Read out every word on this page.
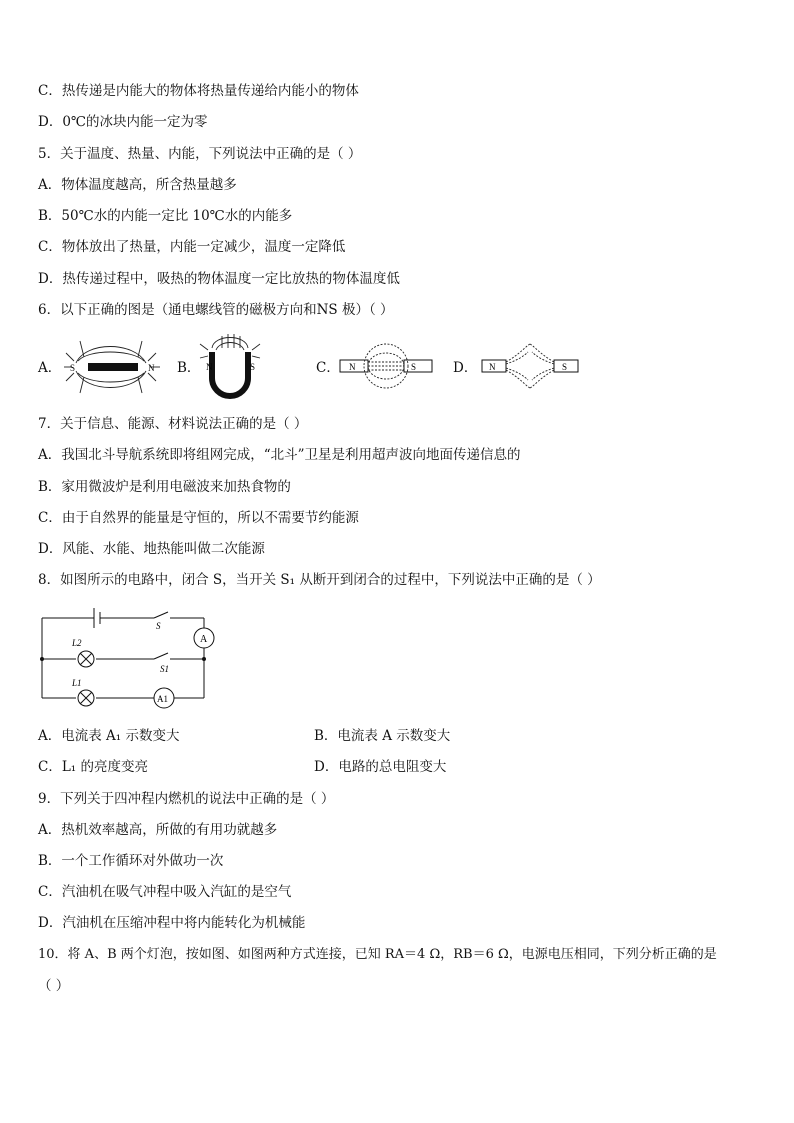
C．热传递是内能大的物体将热量传递给内能小的物体
D．0℃的冰块内能一定为零
5．关于温度、热量、内能，下列说法中正确的是（ ）
A．物体温度越高，所含热量越多
B．50℃水的内能一定比 10℃水的内能多
C．物体放出了热量，内能一定减少，温度一定降低
D．热传递过程中，吸热的物体温度一定比放热的物体温度低
6．以下正确的图是（通电螺线管的磁极方向和NS 极）（ ）
A．	B．	C．	D．
S	N	N	S	N	S	N	S
7．关于信息、能源、材料说法正确的是（ ）
A．我国北斗导航系统即将组网完成，“北斗”卫星是利用超声波向地面传递信息的
B．家用微波炉是利用电磁波来加热食物的
C．由于自然界的能量是守恒的，所以不需要节约能源
D．风能、水能、地热能叫做二次能源
8．如图所示的电路中，闭合 S，当开关 S₁ 从断开到闭合的过程中，下列说法中正确的是（ ）
S
S1
L2
L1
A
A1
A．电流表 A₁ 示数变大	B．电流表 A 示数变大
C．L₁ 的亮度变亮	D．电路的总电阻变大
9．下列关于四冲程内燃机的说法中正确的是（ ）
A．热机效率越高，所做的有用功就越多
B．一个工作循环对外做功一次
C．汽油机在吸气冲程中吸入汽缸的是空气
D．汽油机在压缩冲程中将内能转化为机械能
10．将 A、B 两个灯泡，按如图、如图两种方式连接，已知 RA＝4 Ω，RB＝6 Ω，电源电压相同，下列分析正确的是
（ ）
